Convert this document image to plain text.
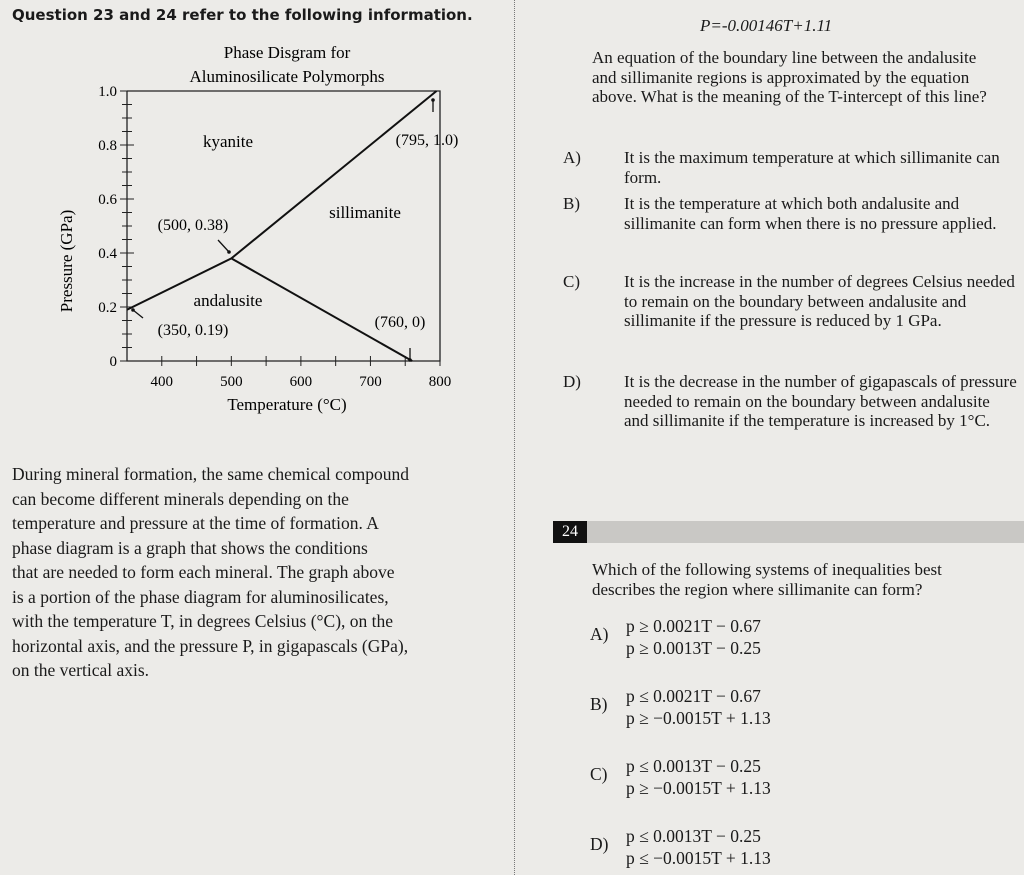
Question 23 and 24 refer to the following information.
Phase Disgram for
Aluminosilicate Polymorphs
0
0.2
0.4
0.6
0.8
1.0
400	500	600	700	800
kyanite
sillimanite
andalusite
(795, 1.0)
(500, 0.38)
(350, 0.19)	(760, 0)
Temperature (°C)
Pressure (GPa)
During mineral formation, the same chemical compound
can become different minerals depending on the
temperature and pressure at the time of formation. A
phase diagram is a graph that shows the conditions
that are needed to form each mineral. The graph above
is a portion of the phase diagram for aluminosilicates,
with the temperature T, in degrees Celsius (°C), on the
horizontal axis, and the pressure P, in gigapascals (GPa),
on the vertical axis.
P=-0.00146T+1.11
An equation of the boundary line between the andalusite and sillimanite regions is approximated by the equation above. What is the meaning of the T-intercept of this line?
A)	It is the maximum temperature at which sillimanite can form.
B)	It is the temperature at which both andalusite and sillimanite can form when there is no pressure applied.
C)	It is the increase in the number of degrees Celsius needed to remain on the boundary between andalusite and sillimanite if the pressure is reduced by 1 GPa.
D)	It is the decrease in the number of gigapascals of pressure needed to remain on the boundary between andalusite and sillimanite if the temperature is increased by 1°C.
24
Which of the following systems of inequalities best describes the region where sillimanite can form?
A) p ≥ 0.0021T − 0.67
p ≥ 0.0013T − 0.25
B) p ≤ 0.0021T − 0.67
p ≥ −0.0015T + 1.13
C) p ≤ 0.0013T − 0.25
p ≥ −0.0015T + 1.13
D) p ≤ 0.0013T − 0.25
p ≤ −0.0015T + 1.13
